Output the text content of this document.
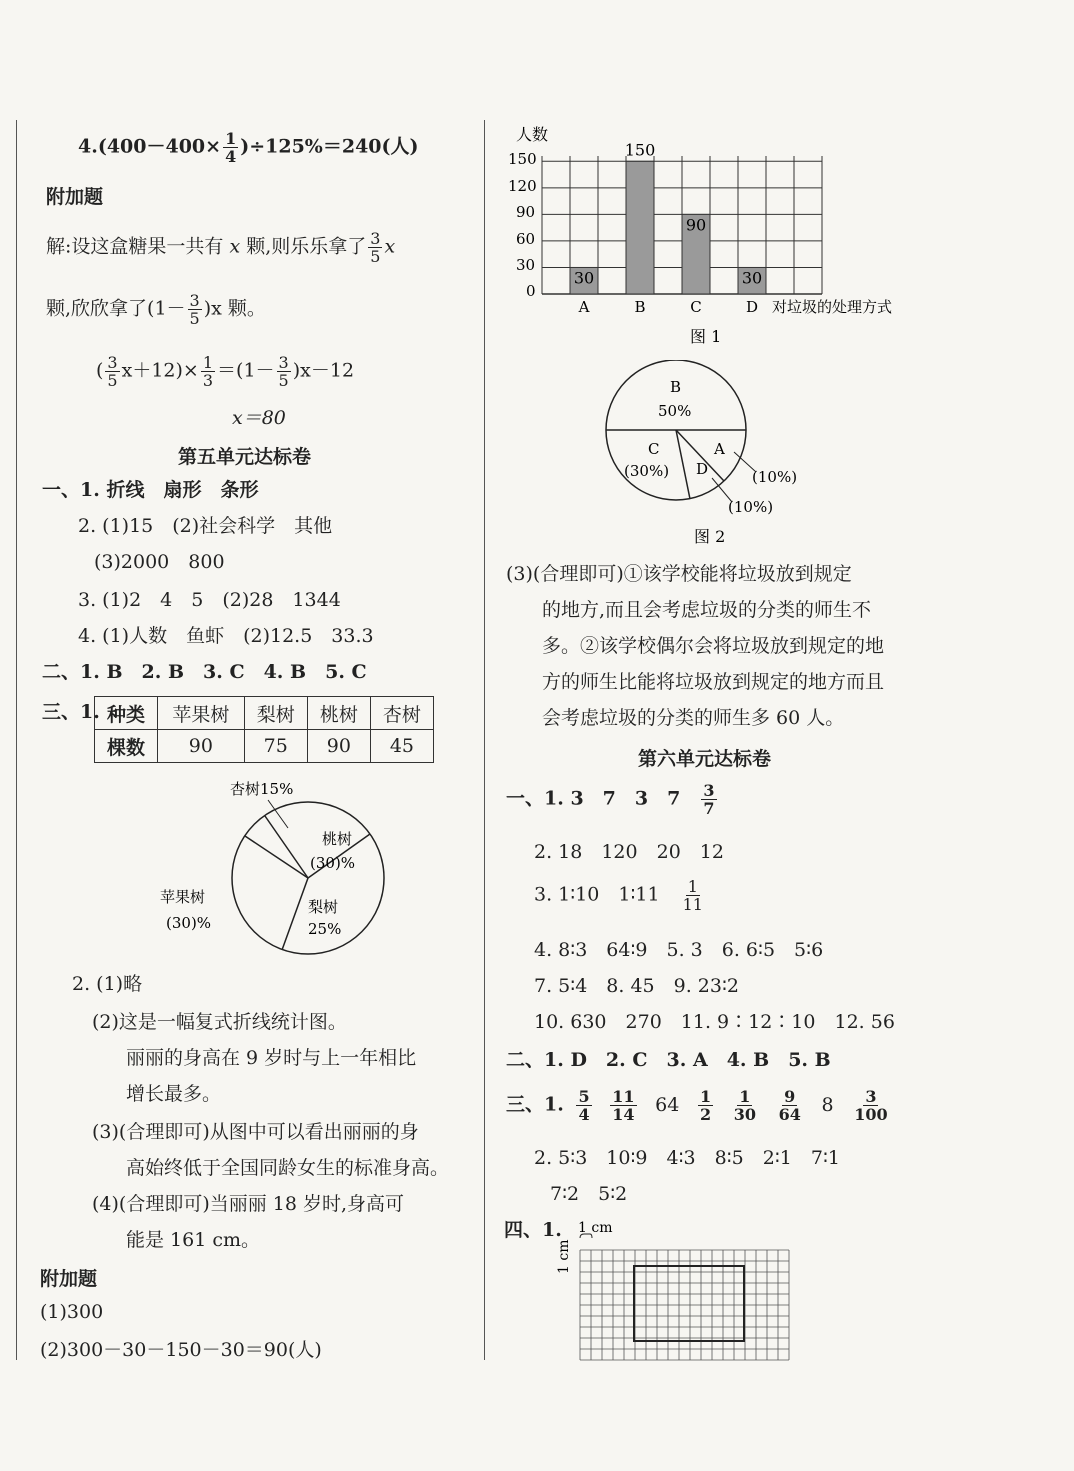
$4.(400-400\times \frac{1}{4} )\div 125\%=240$(人)
附加题
解:设这盒糖果一共有 x 颗,则乐乐拿了 $\frac{3}{5}$ x
颗,欣欣拿了$(1- \frac{3}{5} )x$ 颗。
( $\frac{3}{5} x+12)\times \frac{1}{3} =(1- \frac{3}{5} )x-12$
x＝80
第五单元达标卷
一、1. 折线　扇形　条形
2. (1)15　(2)社会科学　其他
(3)2000　800
3. (1)2　4　5　(2)28　1344
4. (1)人数　鱼虾　(2)12.5　33.3
二、1. B　2. B　3. C　4. B　5. C
三、1. 种类	苹果树	梨树	桃树	杏树
棵数	90	75	90	45
杏树15%
桃树
(30)%
苹果树
(30)%
梨树
25%
2. (1)略
(2)这是一幅复式折线统计图。
丽丽的身高在 9 岁时与上一年相比
增长最多。
(3)(合理即可)从图中可以看出丽丽的身
高始终低于全国同龄女生的标准身高。
(4)(合理即可)当丽丽 18 岁时,身高可
能是 161 cm。
附加题
(1)300
(2)300－30－150－30＝90(人)
人数
30
A
150
B
90
C
30
D
150
120
90
60
30
0
对垃圾的处理方式
图 1
B
50%
C
(30%) D
A
(10%)
(10%)
图 2
(3)(合理即可)①该学校能将垃圾放到规定
的地方,而且会考虑垃圾的分类的师生不
多。②该学校偶尔会将垃圾放到规定的地
方的师生比能将垃圾放到规定的地方而且
会考虑垃圾的分类的师生多 60 人。
第六单元达标卷
一、1. 3　7　3　7　 $\frac{3}{7}$
2. 18　120　20　12
3. 1∶10　1∶11　 $\frac{1}{11}$
4. 8∶3　64∶9　5. 3　6. 6∶5　5∶6
7. 5∶4　8. 45　9. 23∶2
10. 630　270　11. 9∶12∶10　12. 56
二、1. D　2. C　3. A　4. B　5. B
三、1. $\frac{5}{4}$
$\frac{11}{14} 64 \frac{1}{2}$
$\frac{1}{30}$
$\frac{9}{64} 8 \frac{3}{100}$
2. 5∶3　10∶9　4∶3　8∶5　2∶1　7∶1
7∶2　5∶2
四、1. 1 cm
1 cm
